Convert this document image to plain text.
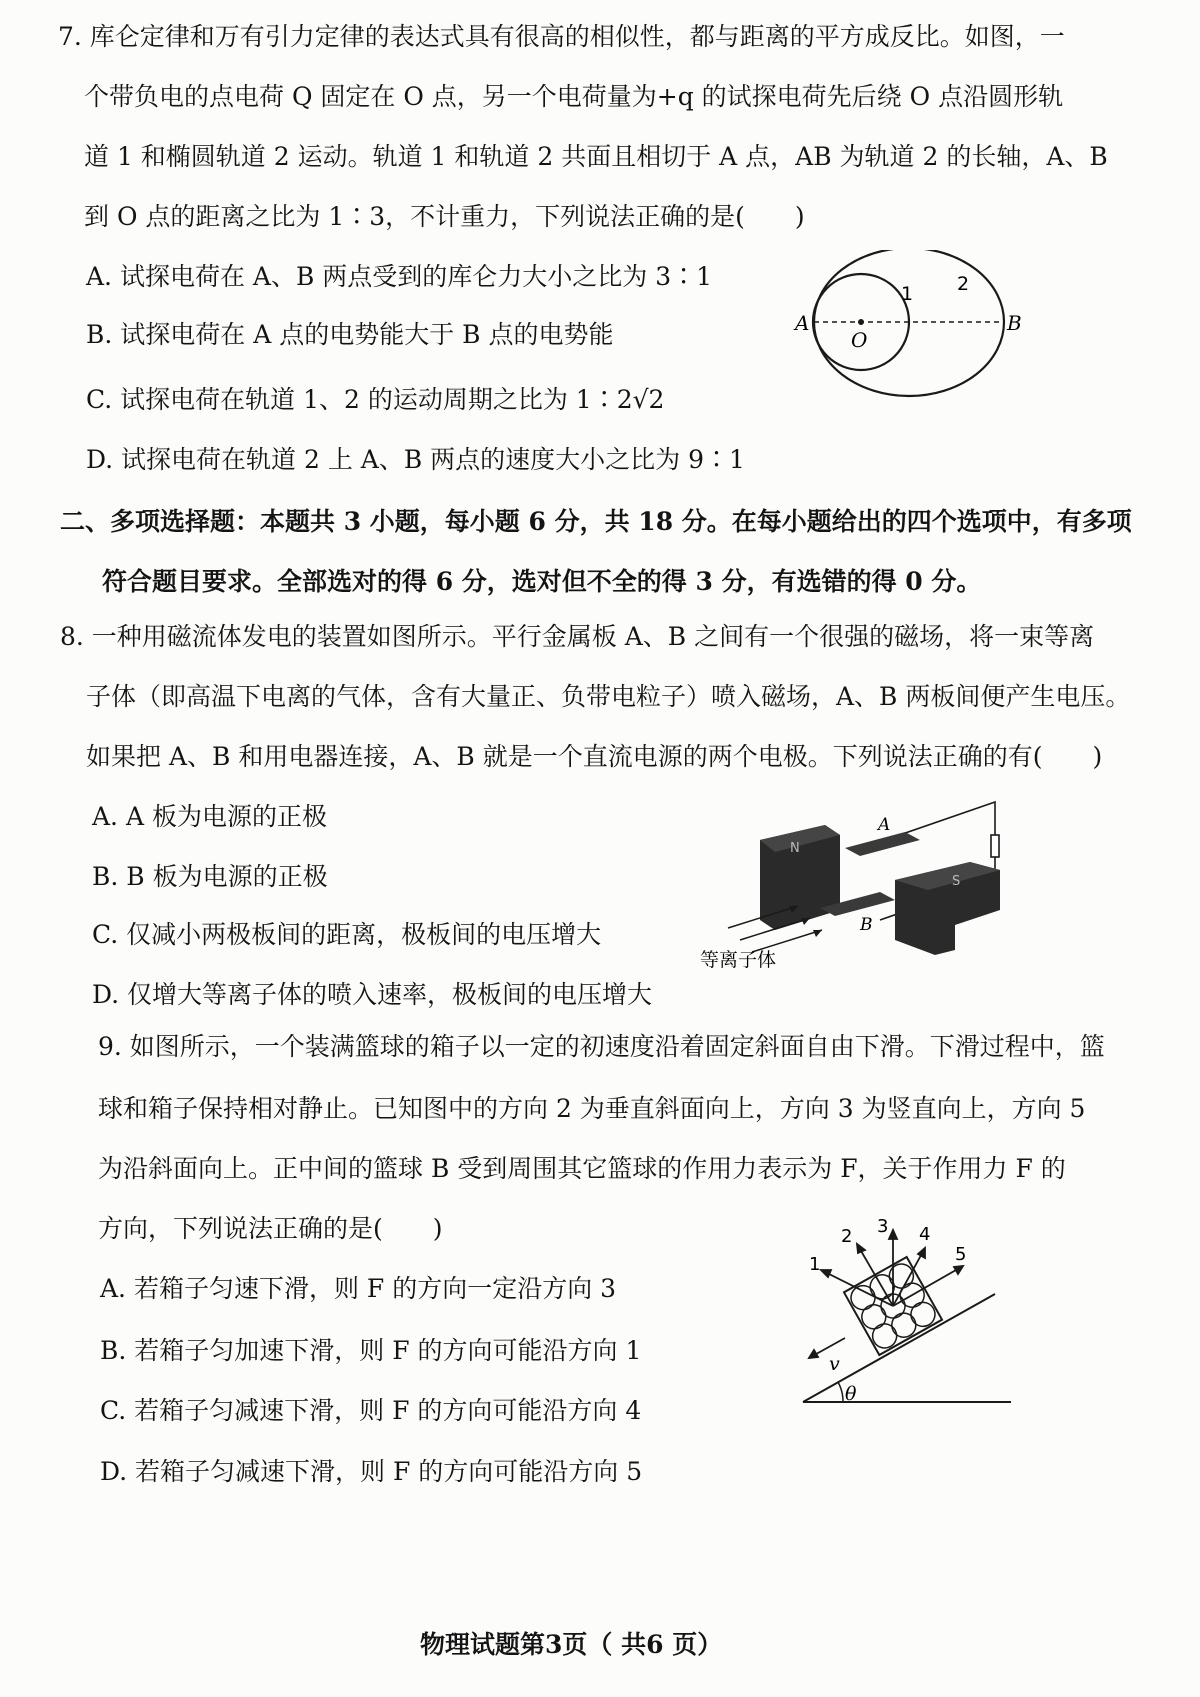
7. 库仑定律和万有引力定律的表达式具有很高的相似性，都与距离的平方成反比。如图，一
个带负电的点电荷 Q 固定在 O 点，另一个电荷量为+q 的试探电荷先后绕 O 点沿圆形轨
道 1 和椭圆轨道 2 运动。轨道 1 和轨道 2 共面且相切于 A 点，AB 为轨道 2 的长轴，A、B
到 O 点的距离之比为 1∶3，不计重力，下列说法正确的是(　　)
A. 试探电荷在 A、B 两点受到的库仑力大小之比为 3∶1
B. 试探电荷在 A 点的电势能大于 B 点的电势能
C. 试探电荷在轨道 1、2 的运动周期之比为 1∶2√2
D. 试探电荷在轨道 2 上 A、B 两点的速度大小之比为 9∶1
A	B
O
1 2
二、多项选择题：本题共 3 小题，每小题 6 分，共 18 分。在每小题给出的四个选项中，有多项
符合题目要求。全部选对的得 6 分，选对但不全的得 3 分，有选错的得 0 分。
8. 一种用磁流体发电的装置如图所示。平行金属板 A、B 之间有一个很强的磁场，将一束等离
子体（即高温下电离的气体，含有大量正、负带电粒子）喷入磁场，A、B 两板间便产生电压。
如果把 A、B 和用电器连接，A、B 就是一个直流电源的两个电极。下列说法正确的有(　　)
A. A 板为电源的正极
B. B 板为电源的正极
C. 仅减小两极板间的距离，极板间的电压增大
D. 仅增大等离子体的喷入速率，极板间的电压增大
N
A
B
S
等离子体
9. 如图所示，一个装满篮球的箱子以一定的初速度沿着固定斜面自由下滑。下滑过程中，篮
球和箱子保持相对静止。已知图中的方向 2 为垂直斜面向上，方向 3 为竖直向上，方向 5
为沿斜面向上。正中间的篮球 B 受到周围其它篮球的作用力表示为 F，关于作用力 F 的
方向，下列说法正确的是(　　)
A. 若箱子匀速下滑，则 F 的方向一定沿方向 3
B. 若箱子匀加速下滑，则 F 的方向可能沿方向 1
C. 若箱子匀减速下滑，则 F 的方向可能沿方向 4
D. 若箱子匀减速下滑，则 F 的方向可能沿方向 5
θ
1
2 3 4
5
v
物理试题第3页（ 共6 页）
